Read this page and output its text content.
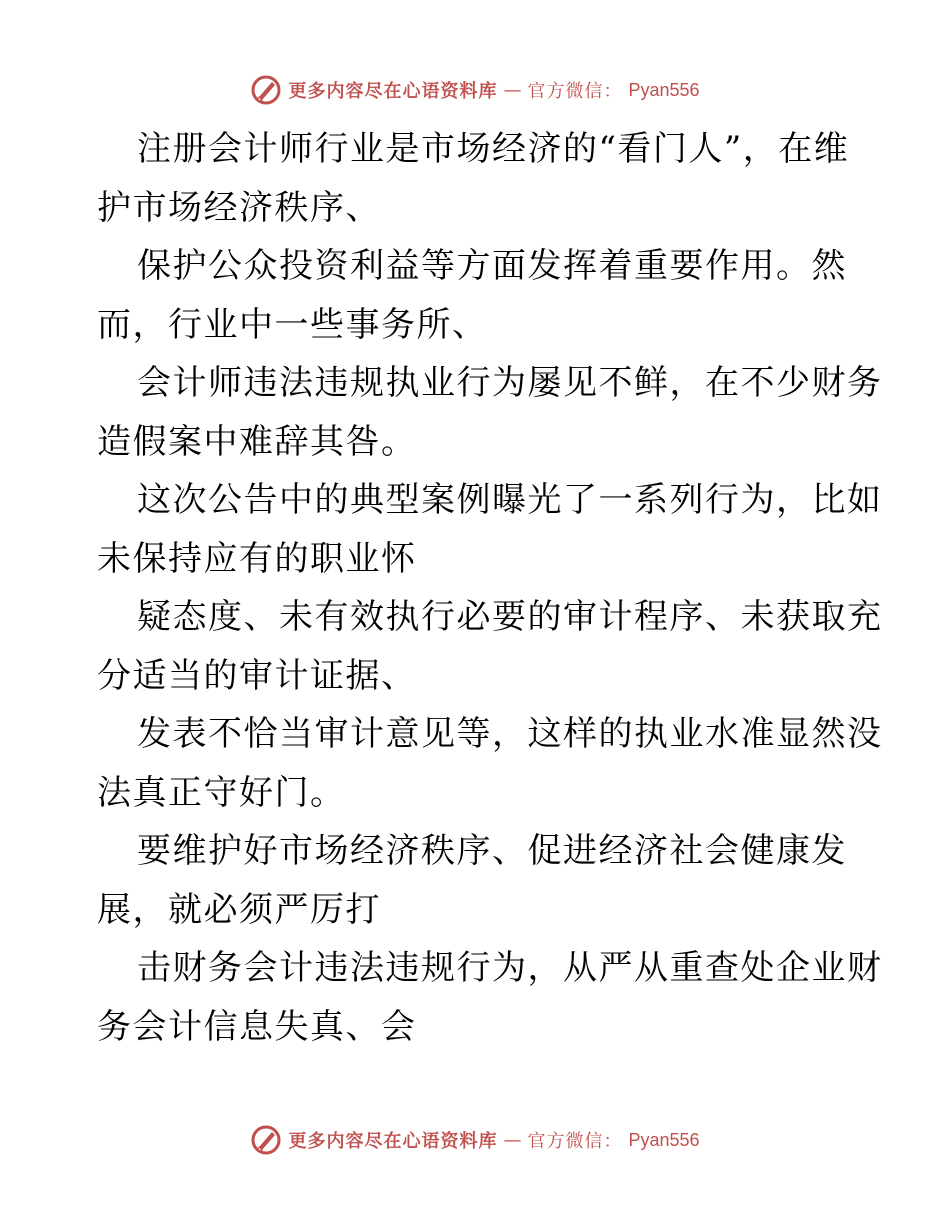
更多内容尽在心语资料库 — 官方微信： Pyan556
注册会计师行业是市场经济的“看门人”，在维
护市场经济秩序、
保护公众投资利益等方面发挥着重要作用。然
而，行业中一些事务所、
会计师违法违规执业行为屡见不鲜，在不少财务
造假案中难辞其咎。
这次公告中的典型案例曝光了一系列行为，比如
未保持应有的职业怀
疑态度、未有效执行必要的审计程序、未获取充
分适当的审计证据、
发表不恰当审计意见等，这样的执业水准显然没
法真正守好门。
要维护好市场经济秩序、促进经济社会健康发
展，就必须严厉打
击财务会计违法违规行为，从严从重查处企业财
务会计信息失真、会
更多内容尽在心语资料库 — 官方微信： Pyan556
